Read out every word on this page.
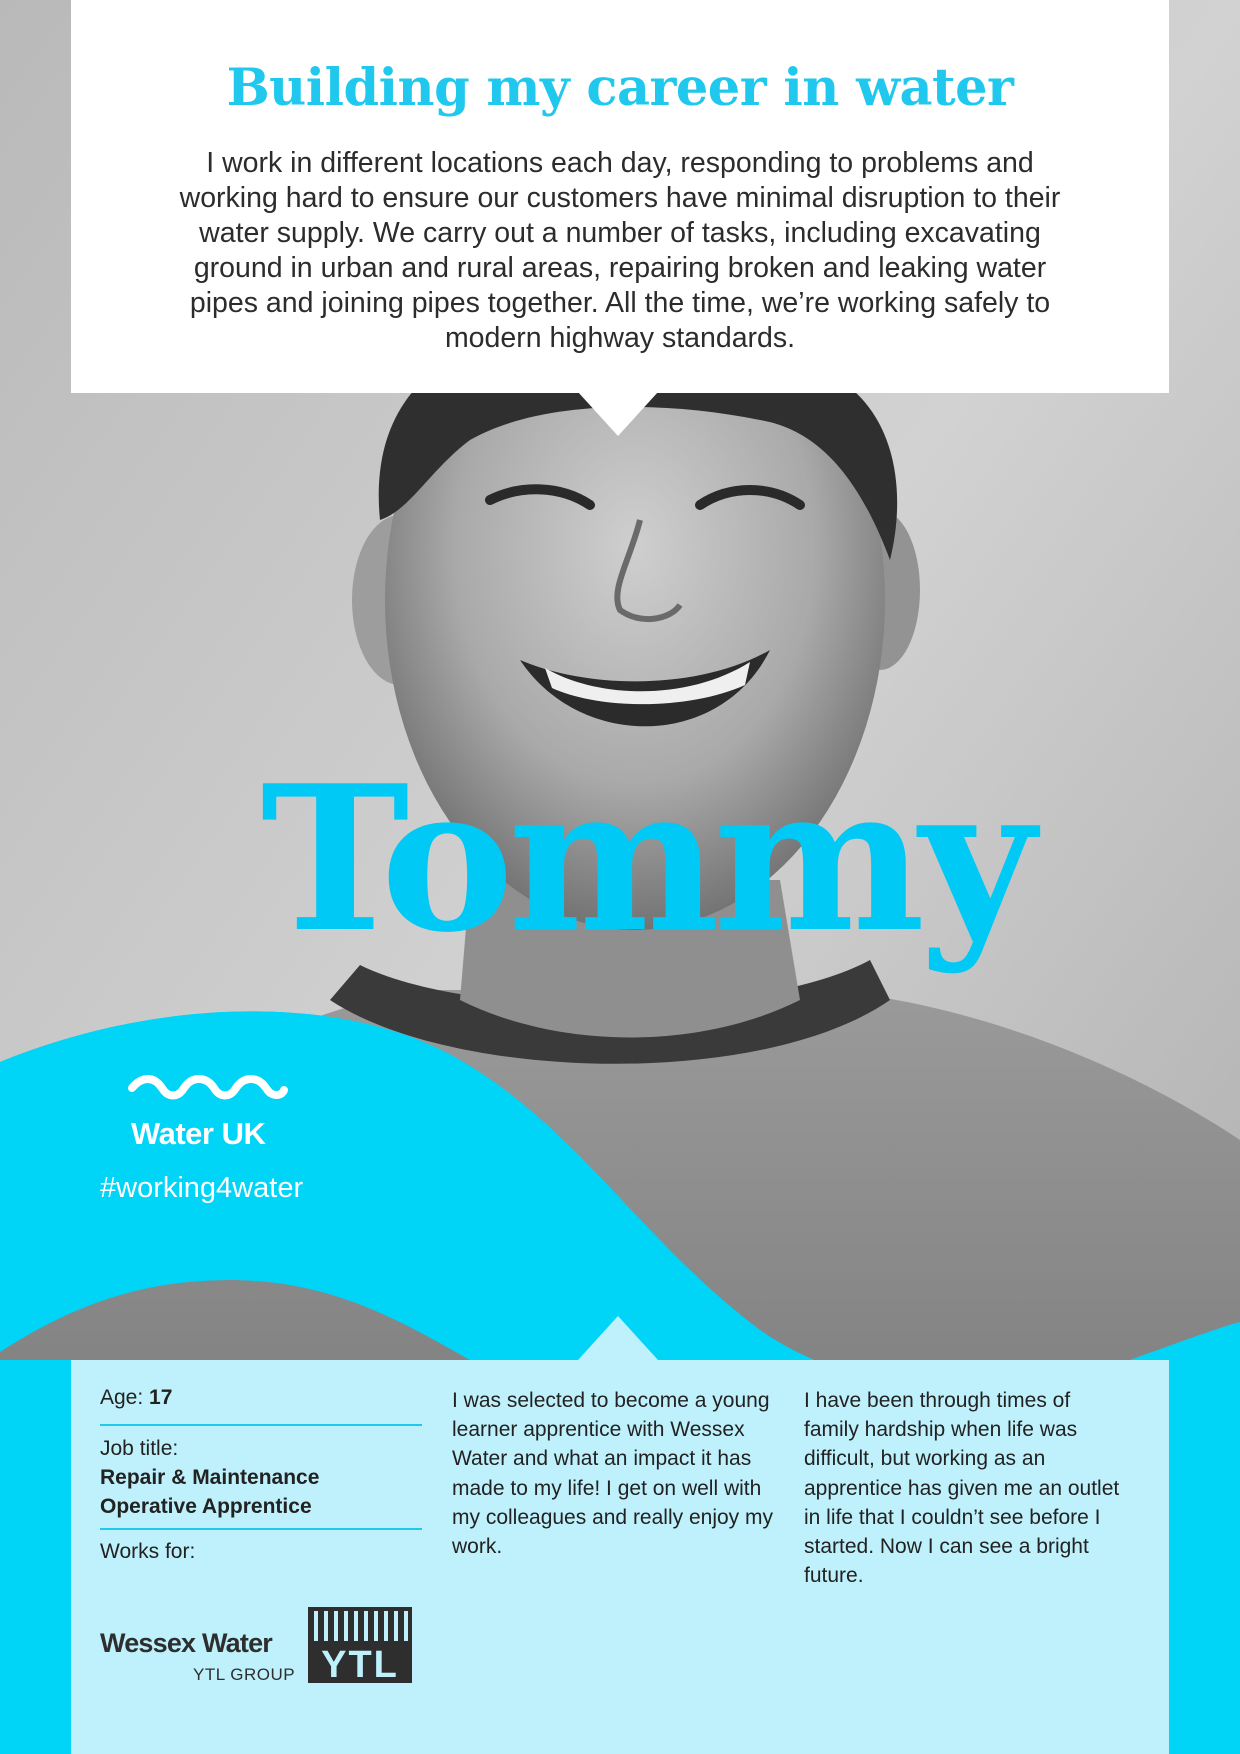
Building my career in water
I work in different locations each day, responding to problems and working hard to ensure our customers have minimal disruption to their water supply. We carry out a number of tasks, including excavating ground in urban and rural areas, repairing broken and leaking water pipes and joining pipes together. All the time, we’re working safely to modern highway standards.
Tommy
Water UK
#working4water
Age: 17
Job title:
Repair & Maintenance Operative Apprentice
Works for:
I was selected to become a young learner apprentice with Wessex Water and what an impact it has made to my life! I get on well with my colleagues and really enjoy my work.
I have been through times of family hardship when life was difficult, but working as an apprentice has given me an outlet in life that I couldn’t see before I started. Now I can see a bright future.
Wessex Water
YTL GROUP YTL
